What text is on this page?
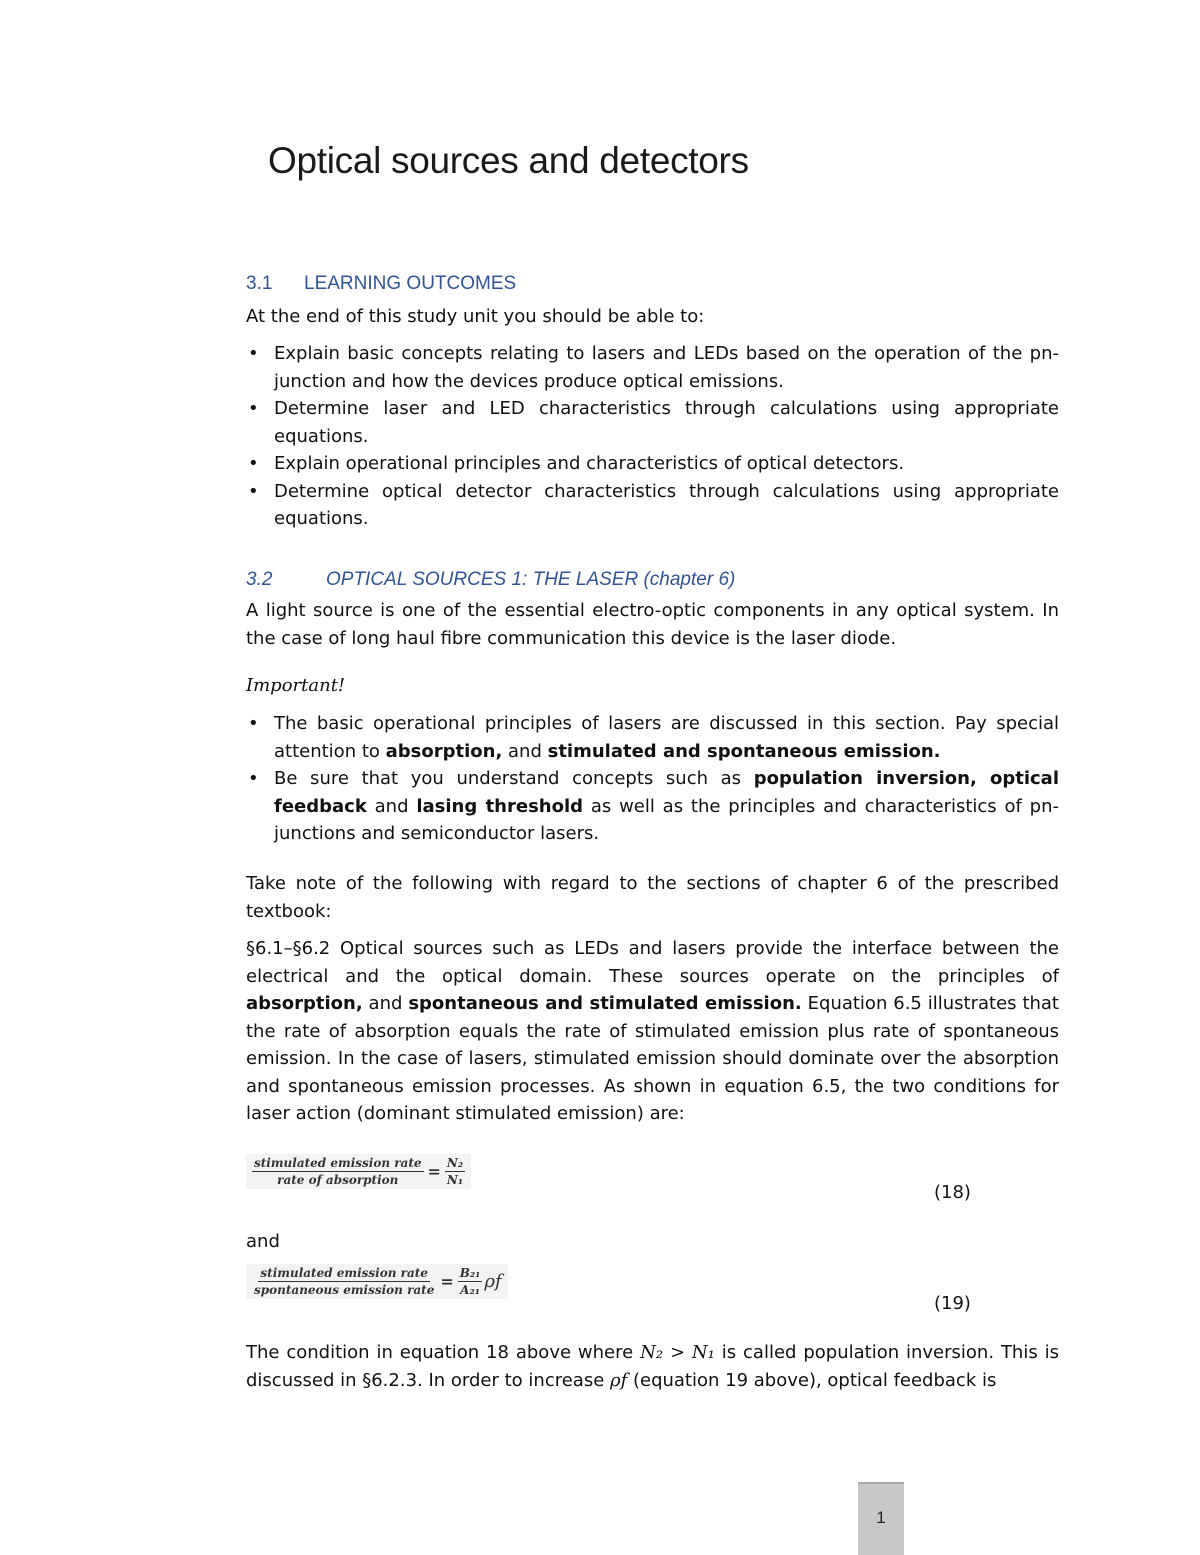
Optical sources and detectors
3.1 LEARNING OUTCOMES

At the end of this study unit you should be able to:

• Explain basic concepts relating to lasers and LEDs based on the operation of the pn-junction and how the devices produce optical emissions.
• Determine laser and LED characteristics through calculations using appropriate equations.
• Explain operational principles and characteristics of optical detectors.
• Determine optical detector characteristics through calculations using appropriate equations.
3.2	OPTICAL SOURCES 1: THE LASER (chapter 6)

A light source is one of the essential electro-optic components in any optical system. In the case of long haul fibre communication this device is the laser diode.

Important!
• The basic operational principles of lasers are discussed in this section. Pay special attention to absorption, and stimulated and spontaneous emission.
• Be sure that you understand concepts such as population inversion, optical feedback and lasing threshold as well as the principles and characteristics of pn-junctions and semiconductor lasers.

Take note of the following with regard to the sections of chapter 6 of the prescribed textbook:

§6.1–§6.2 Optical sources such as LEDs and lasers provide the interface between the electrical and the optical domain. These sources operate on the principles of absorption, and spontaneous and stimulated emission. Equation 6.5 illustrates that the rate of absorption equals the rate of stimulated emission plus rate of spontaneous emission. In the case of lasers, stimulated emission should dominate over the absorption and spontaneous emission processes. As shown in equation 6.5, the two conditions for laser action (dominant stimulated emission) are:

$\frac{\text{stimulated emission rate}}{\text{rate of absorption}} = \frac{\text{N₂}}{\text{N₁}}$
(18)
and
$\frac{\text{stimulated emission rate}}{\text{spontaneous emission rate}} = \frac{\text{B₂₁}}{\text{A₂₁}}$ ρf
(19)

The condition in equation 18 above where N₂ > N₁ is called population inversion. This is discussed in §6.2.3. In order to increase ρf (equation 19 above), optical feedback is

1
